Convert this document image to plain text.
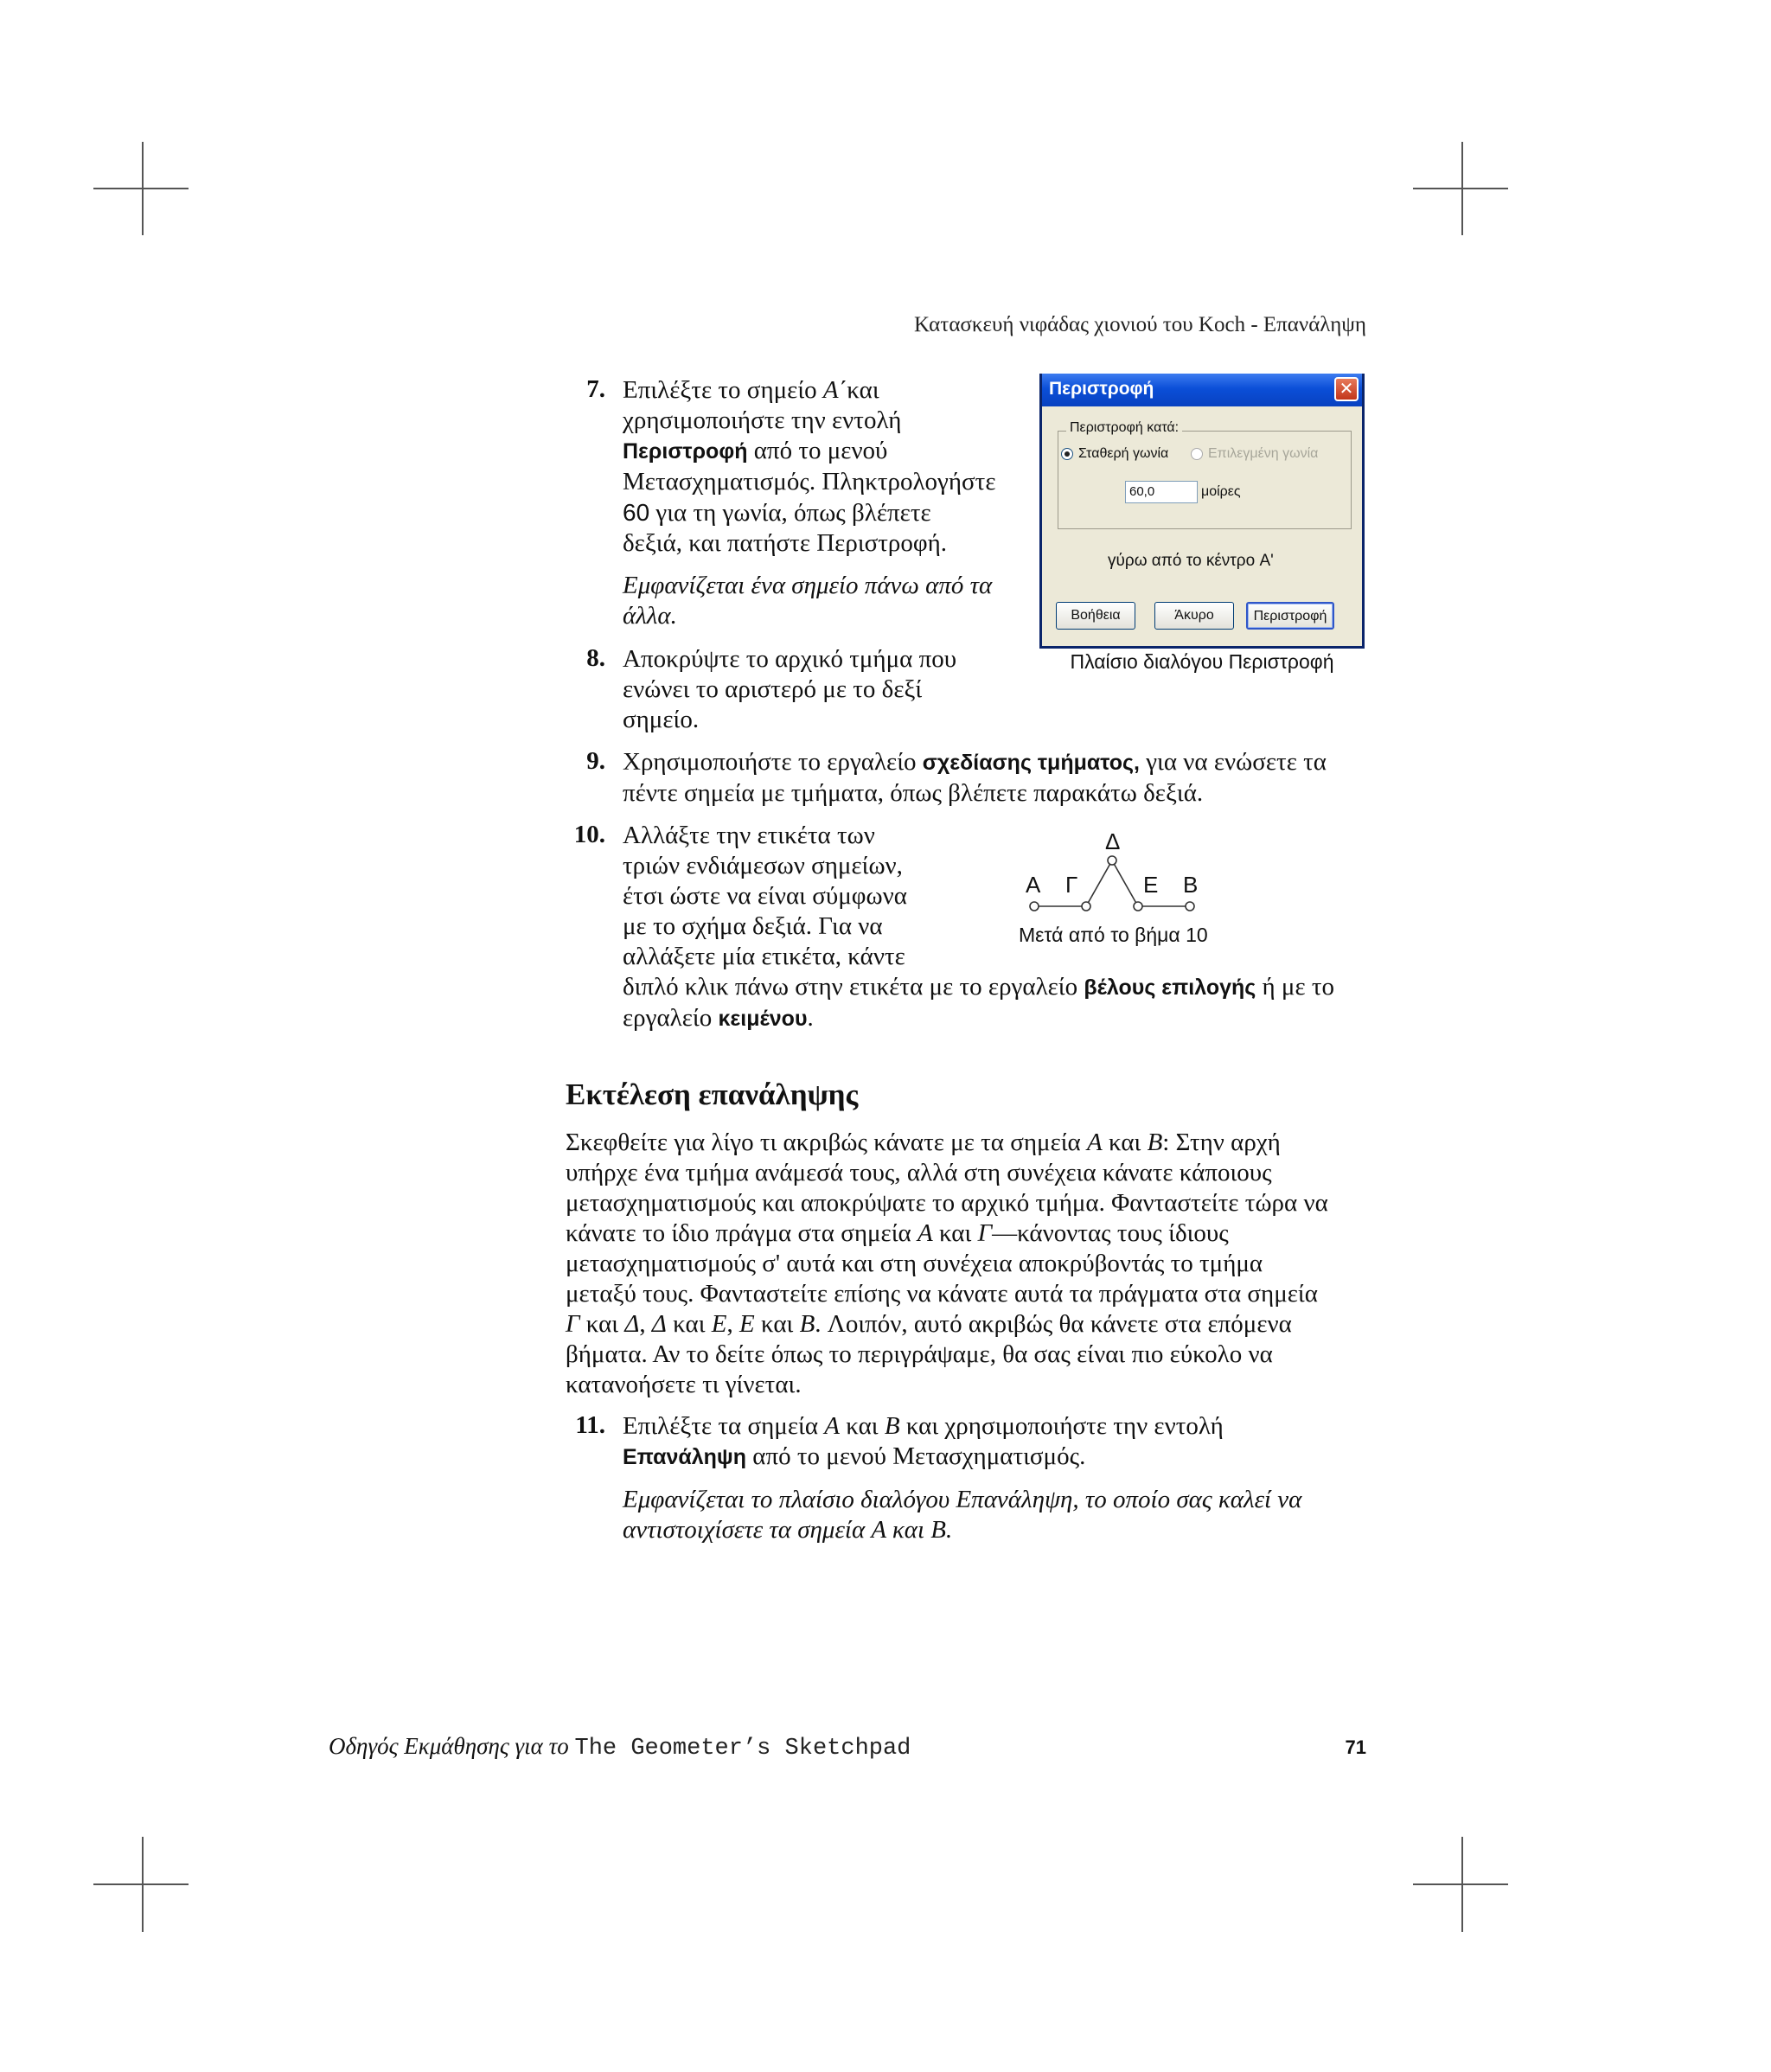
Κατασκευή νιφάδας χιονιού του Koch - Επανάληψη
7. Επιλέξτε το σημείο A΄και
χρησιμοποιήστε την εντολή
Περιστροφή από το μενού
Μετασχηματισμός. Πληκτρολογήστε
60 για τη γωνία, όπως βλέπετε
δεξιά, και πατήστε Περιστροφή.
Εμφανίζεται ένα σημείο πάνω από τα
άλλα.
8. Αποκρύψτε το αρχικό τμήμα που
ενώνει το αριστερό με το δεξί
σημείο.
Περιστροφή	✕
Περιστροφή κατά:
Σταθερή γωνία	Επιλεγμένη γωνία
60,0	μοίρες
γύρω από το κέντρο A'
Βοήθεια	Άκυρο	Περιστροφή
Πλαίσιο διαλόγου Περιστροφή
9. Χρησιμοποιήστε το εργαλείο σχεδίασης τμήματος, για να ενώσετε τα
πέντε σημεία με τμήματα, όπως βλέπετε παρακάτω δεξιά.
10. Αλλάξτε την ετικέτα των
τριών ενδιάμεσων σημείων,
έτσι ώστε να είναι σύμφωνα
με το σχήμα δεξιά. Για να
αλλάξετε μία ετικέτα, κάντε
διπλό κλικ πάνω στην ετικέτα με το εργαλείο βέλους επιλογής ή με το
εργαλείο κειμένου.
A Γ
Δ
Ε B
Μετά από το βήμα 10
Εκτέλεση επανάληψης
Σκεφθείτε για λίγο τι ακριβώς κάνατε με τα σημεία A και B: Στην αρχή
υπήρχε ένα τμήμα ανάμεσά τους, αλλά στη συνέχεια κάνατε κάποιους
μετασχηματισμούς και αποκρύψατε το αρχικό τμήμα. Φανταστείτε τώρα να
κάνατε το ίδιο πράγμα στα σημεία A και Γ—κάνοντας τους ίδιους
μετασχηματισμούς σ' αυτά και στη συνέχεια αποκρύβοντάς το τμήμα
μεταξύ τους. Φανταστείτε επίσης να κάνατε αυτά τα πράγματα στα σημεία
Γ και Δ, Δ και E, E και B. Λοιπόν, αυτό ακριβώς θα κάνετε στα επόμενα
βήματα. Αν το δείτε όπως το περιγράψαμε, θα σας είναι πιο εύκολο να
κατανοήσετε τι γίνεται.
11. Επιλέξτε τα σημεία A και B και χρησιμοποιήστε την εντολή
Επανάληψη από το μενού Μετασχηματισμός.
Εμφανίζεται το πλαίσιο διαλόγου Επανάληψη, το οποίο σας καλεί να
αντιστοιχίσετε τα σημεία A και B.
Οδηγός Εκμάθησης για το The Geometer’s Sketchpad	71
